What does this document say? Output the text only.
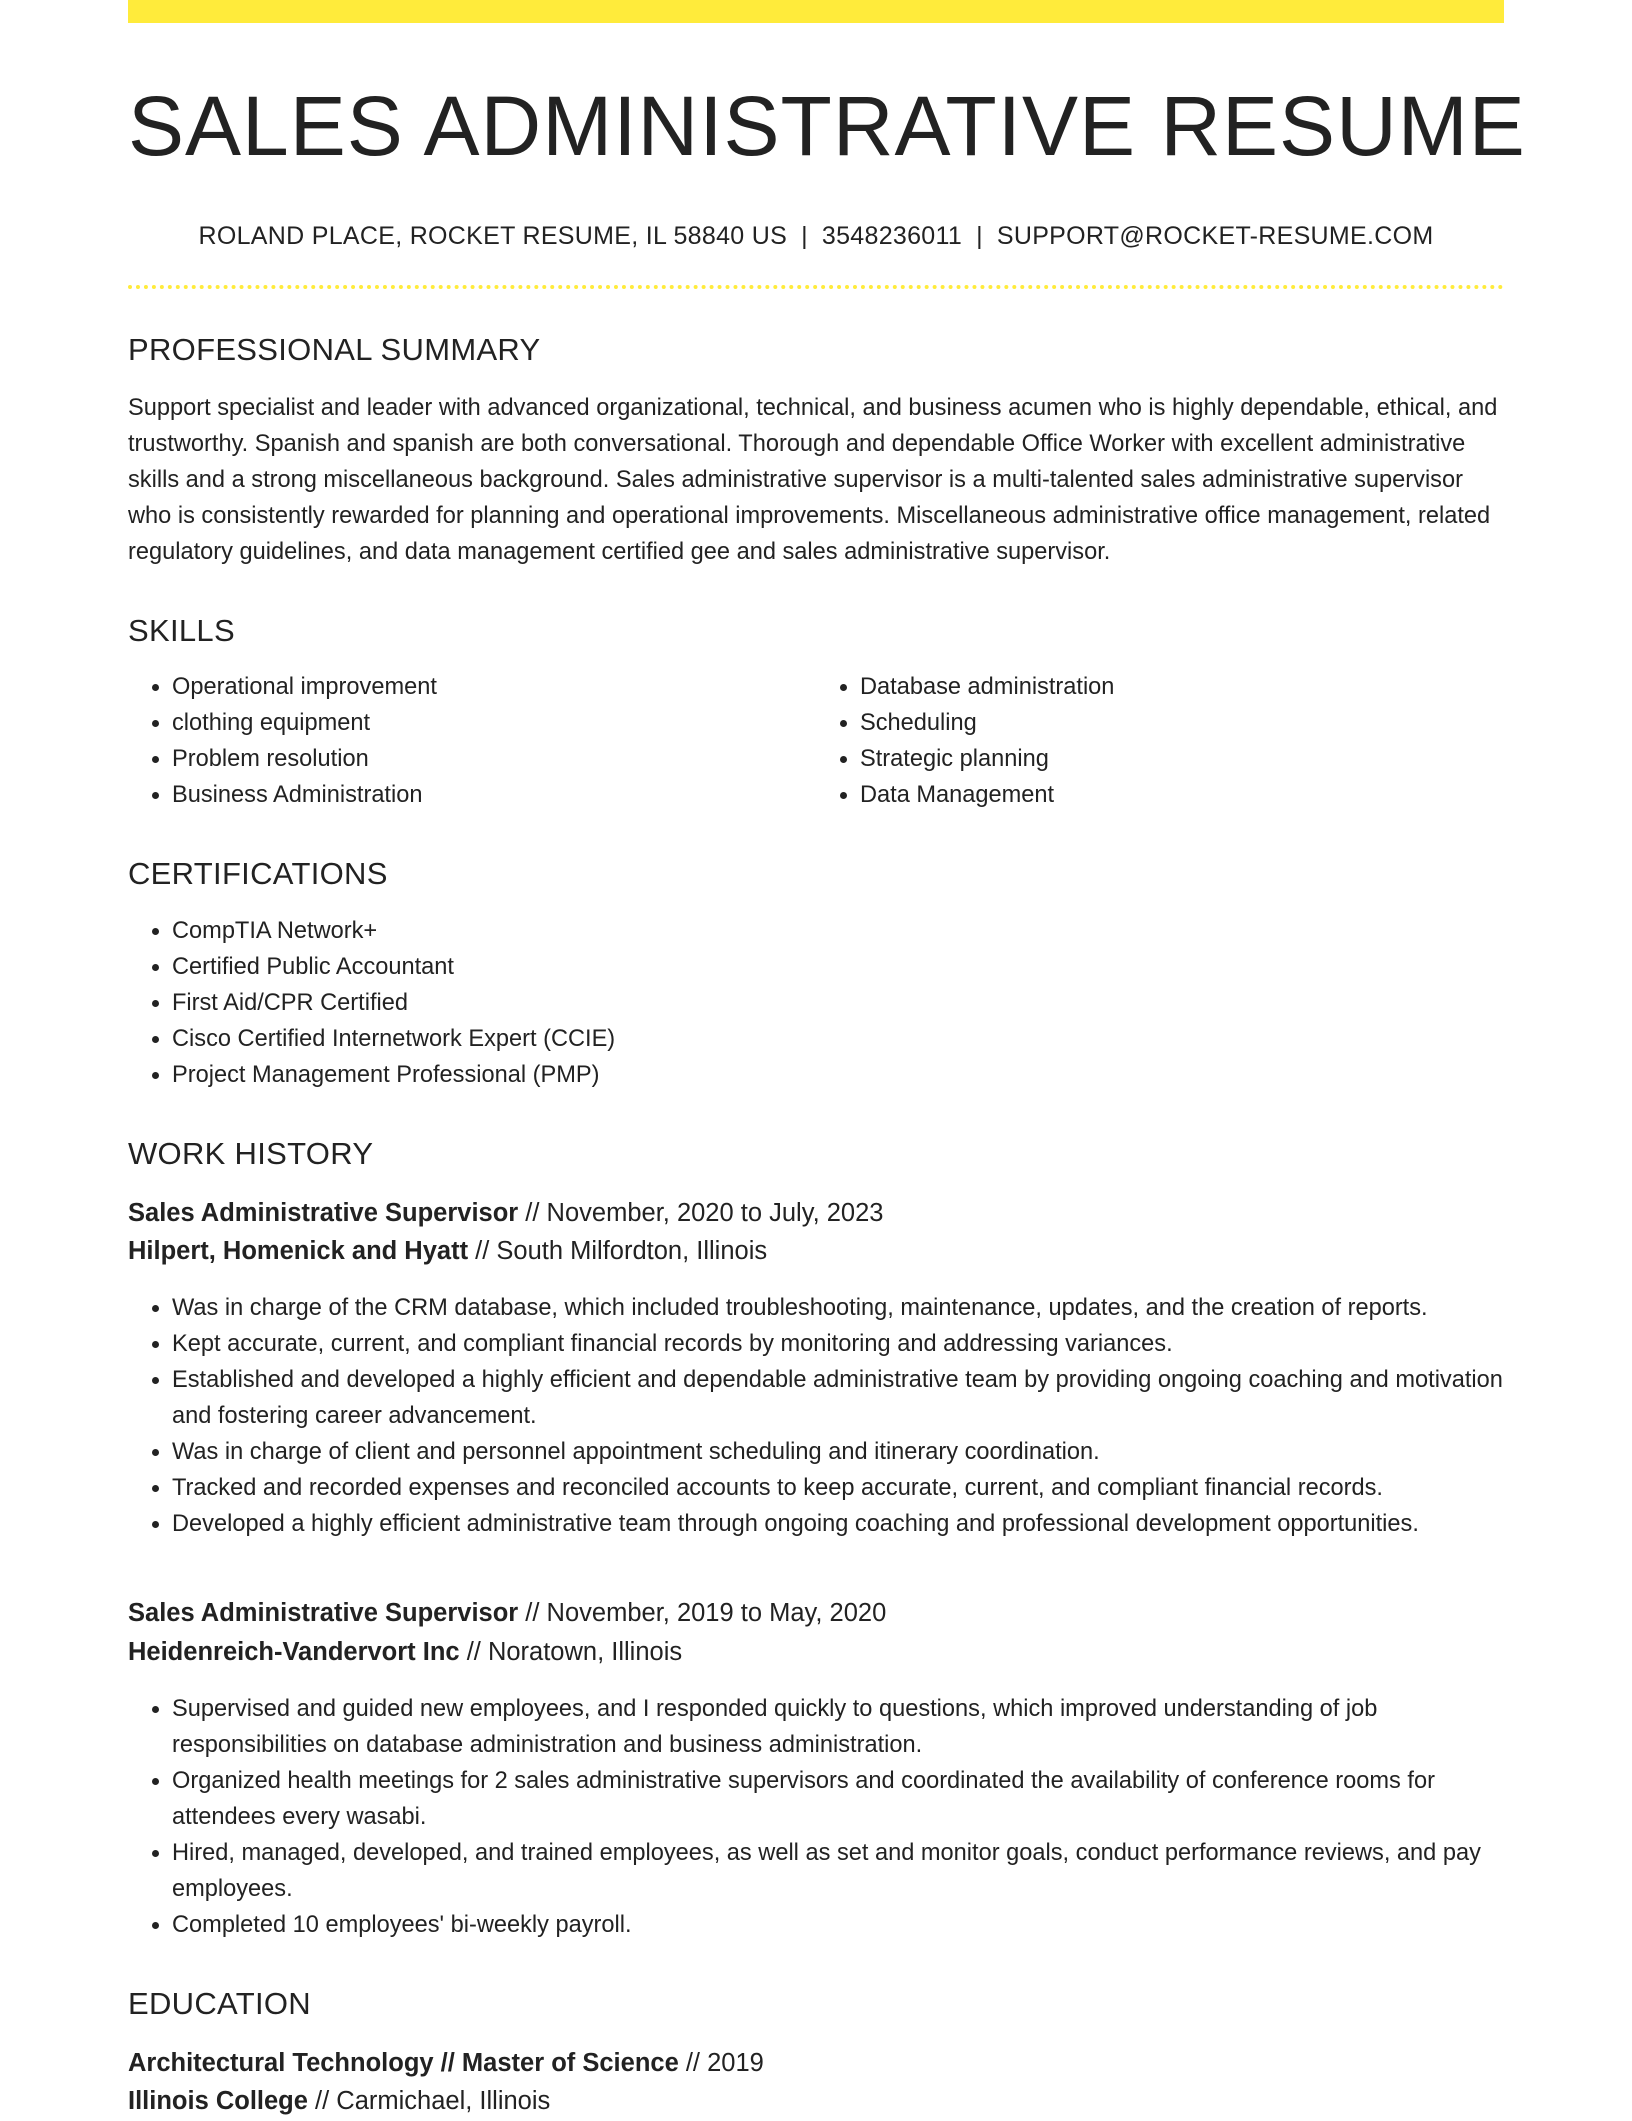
SALES ADMINISTRATIVE RESUME
ROLAND PLACE, ROCKET RESUME, IL 58840 US | 3548236011 | SUPPORT@ROCKET-RESUME.COM
PROFESSIONAL SUMMARY

Support specialist and leader with advanced organizational, technical, and business acumen who is highly dependable, ethical, and trustworthy. Spanish and spanish are both conversational. Thorough and dependable Office Worker with excellent administrative skills and a strong miscellaneous background. Sales administrative supervisor is a multi-talented sales administrative supervisor who is consistently rewarded for planning and operational improvements. Miscellaneous administrative office management, related regulatory guidelines, and data management certified gee and sales administrative supervisor.

SKILLS
• Operational improvement
• clothing equipment
• Problem resolution
• Business Administration
• Database administration
• Scheduling
• Strategic planning
• Data Management
CERTIFICATIONS
• CompTIA Network+
• Certified Public Accountant
• First Aid/CPR Certified
• Cisco Certified Internetwork Expert (CCIE)
• Project Management Professional (PMP)
WORK HISTORY
Sales Administrative Supervisor // November, 2020 to July, 2023
Hilpert, Homenick and Hyatt // South Milfordton, Illinois
• Was in charge of the CRM database, which included troubleshooting, maintenance, updates, and the creation of reports.
• Kept accurate, current, and compliant financial records by monitoring and addressing variances.
• Established and developed a highly efficient and dependable administrative team by providing ongoing coaching and motivation and fostering career advancement.
• Was in charge of client and personnel appointment scheduling and itinerary coordination.
• Tracked and recorded expenses and reconciled accounts to keep accurate, current, and compliant financial records.
• Developed a highly efficient administrative team through ongoing coaching and professional development opportunities.
Sales Administrative Supervisor // November, 2019 to May, 2020
Heidenreich-Vandervort Inc // Noratown, Illinois
• Supervised and guided new employees, and I responded quickly to questions, which improved understanding of job responsibilities on database administration and business administration.
• Organized health meetings for 2 sales administrative supervisors and coordinated the availability of conference rooms for attendees every wasabi.
• Hired, managed, developed, and trained employees, as well as set and monitor goals, conduct performance reviews, and pay employees.
• Completed 10 employees' bi-weekly payroll.
EDUCATION
Architectural Technology // Master of Science // 2019
Illinois College // Carmichael, Illinois
